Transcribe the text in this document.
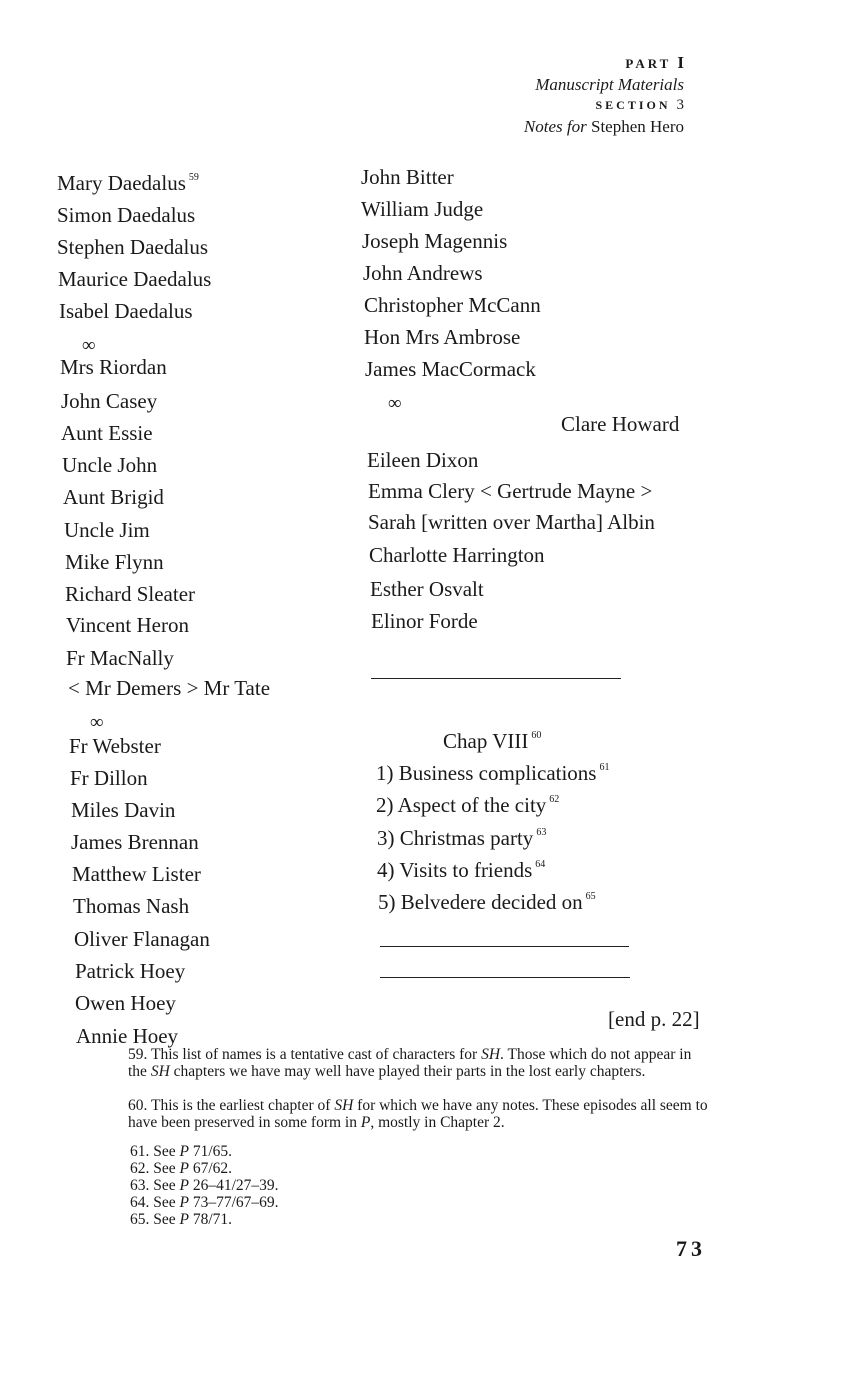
PART I
Manuscript Materials
SECTION 3
Notes for Stephen Hero
Mary Daedalus $^{59}$
Simon Daedalus
Stephen Daedalus
Maurice Daedalus
Isabel Daedalus
∞
Mrs Riordan
John Casey
Aunt Essie
Uncle John
Aunt Brigid
Uncle Jim
Mike Flynn
Richard Sleater
Vincent Heron
Fr MacNally
< Mr Demers > Mr Tate
∞
Fr Webster
Fr Dillon
Miles Davin
James Brennan
Matthew Lister
Thomas Nash
Oliver Flanagan
Patrick Hoey
Owen Hoey
Annie Hoey
John Bitter
William Judge
Joseph Magennis
John Andrews
Christopher McCann
Hon Mrs Ambrose
James MacCormack
∞
Clare Howard
Eileen Dixon
Emma Clery < Gertrude Mayne >
Sarah [written over Martha] Albin
Charlotte Harrington
Esther Osvalt
Elinor Forde
Chap VIII $^{60}$
1) Business complications $^{61}$
2) Aspect of the city $^{62}$
3) Christmas party $^{63}$
4) Visits to friends $^{64}$
5) Belvedere decided on $^{65}$
[end p. 22]
59. This list of names is a tentative cast of characters for SH. Those which do not appear in the SH chapters we have may well have played their parts in the lost early chapters.
60. This is the earliest chapter of SH for which we have any notes. These episodes all seem to have been preserved in some form in P, mostly in Chapter 2.
61. See P 71/65.
62. See P 67/62.
63. See P 26–41/27–39.
64. See P 73–77/67–69.
65. See P 78/71.
73
